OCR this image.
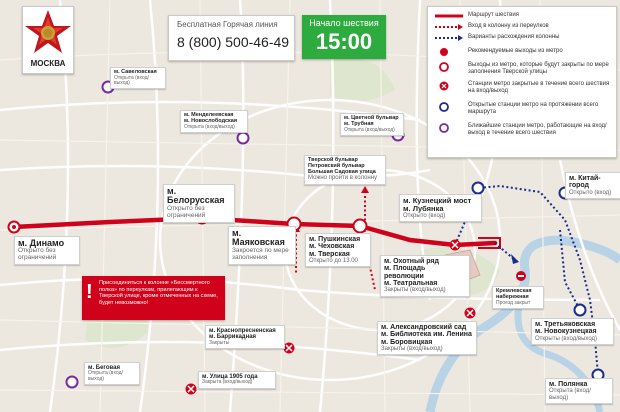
МОСКВА
Бесплатная Горячая линия
8 (800) 500-46-49
Начало шествия
15:00
Маршрут шествия
Вход в колонну из переулков
Варианты расхождения колонны
Рекомендуемые выходы из метро
Выходы из метро, которые будут закрыты по мере заполнения Тверской улицы
Станции метро закрытые в течение всего шествия на вход/выход
Открытые станции метро на протяжении всего маршрута
Ближайшие станции метро, работающие на вход/выход в течение всего шествия
м. Динамо
Открыто без ограничений
м. Белорусская
Открыто без ограничений
м. Маяковская
Закроется по мере заполнения
м. Пушкинская
м. Чеховская
м. Тверская
Открыто до 13.00
Тверской бульвар
Петровский бульвар
Большая Садовая улица
Можно пройти в колонну
м. Охотный ряд
м. Площадь революции
м. Театральная
Закрыты (вход/выход)
м. Кузнецкий мост
м. Лубянка
Открыто (вход)
м. Китай-город
Открыто (вход)
м. Савеловская
Открыта (вход/выход)
м. Менделеевская
м. Новослободская
Открыта (вход/выход)
м. Цветной бульвар
м. Трубная
Открыта (вход/выход)
Кремлевская
набережная
Проезд закрыт
м. Александровский сад
м. Библиотека им. Ленина
м. Боровицкая
Закрыты (вход/выход)
м. Краснопресненская
м. Баррикадная
Закрыты
м. Улица 1905 года
Закрыта (вход/выход)
м. Беговая
Открыта (вход/выход)
м. Третьяковская
м. Новокузнецкая
Открыты (вход/выход)
м. Полянка
Открыта (вход/выход)
!	Присоединиться к колонне «Бессмертного полка» по переулкам, прилегающим к Тверской улице, кроме отмеченных на схеме, будет невозможно!
